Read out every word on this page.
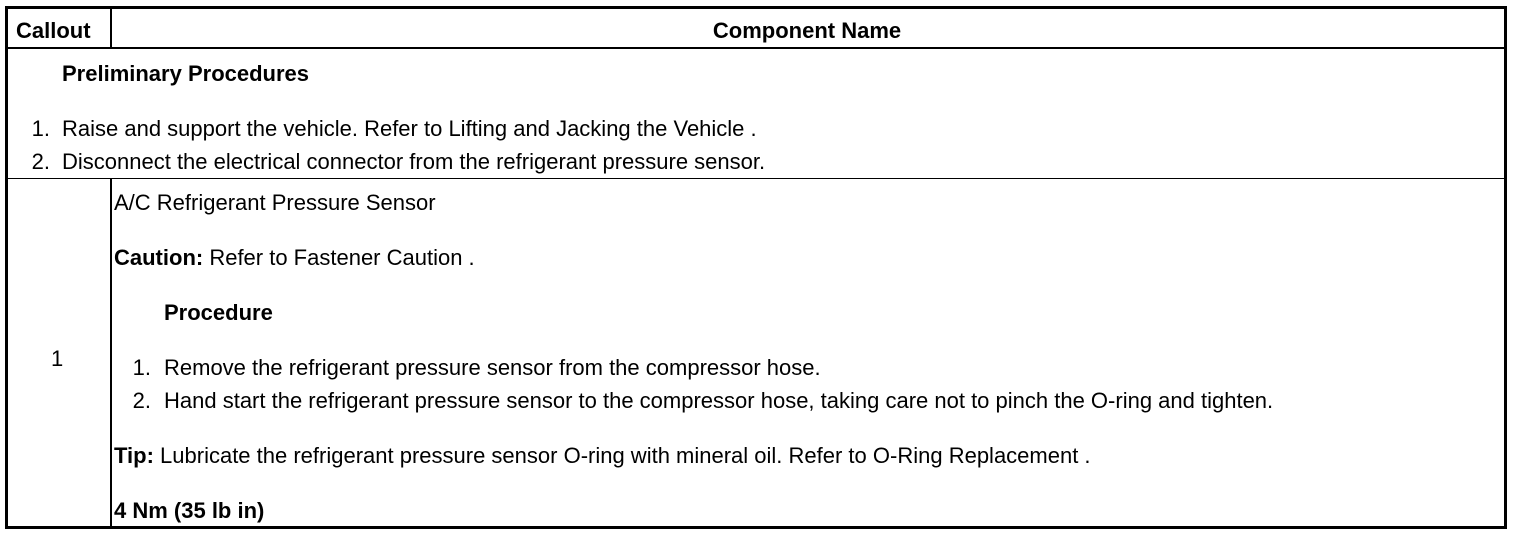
Callout	Component Name
Preliminary Procedures
1. Raise and support the vehicle. Refer to Lifting and Jacking the Vehicle .
2. Disconnect the electrical connector from the refrigerant pressure sensor.
1
A/C Refrigerant Pressure Sensor
Caution: Refer to Fastener Caution .
Procedure
1. Remove the refrigerant pressure sensor from the compressor hose.
2. Hand start the refrigerant pressure sensor to the compressor hose, taking care not to pinch the O-ring and tighten.
Tip: Lubricate the refrigerant pressure sensor O-ring with mineral oil. Refer to O-Ring Replacement .
4 Nm (35 lb in)
